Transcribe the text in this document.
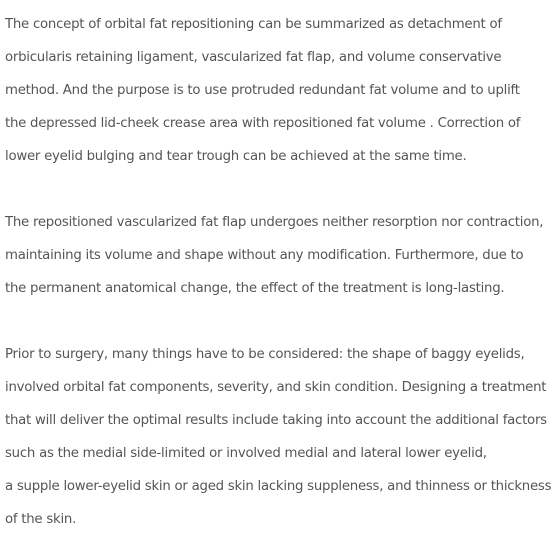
The concept of orbital fat repositioning can be summarized as detachment of
orbicularis retaining ligament, vascularized fat flap, and volume conservative
method. And the purpose is to use protruded redundant fat volume and to uplift
the depressed lid-cheek crease area with repositioned fat volume . Correction of
lower eyelid bulging and tear trough can be achieved at the same time.
The repositioned vascularized fat flap undergoes neither resorption nor contraction,
maintaining its volume and shape without any modification. Furthermore, due to
the permanent anatomical change, the effect of the treatment is long-lasting.
Prior to surgery, many things have to be considered: the shape of baggy eyelids,
involved orbital fat components, severity, and skin condition. Designing a treatment
that will deliver the optimal results include taking into account the additional factors
such as the medial side-limited or involved medial and lateral lower eyelid,
a supple lower-eyelid skin or aged skin lacking suppleness, and thinness or thickness
of the skin.
